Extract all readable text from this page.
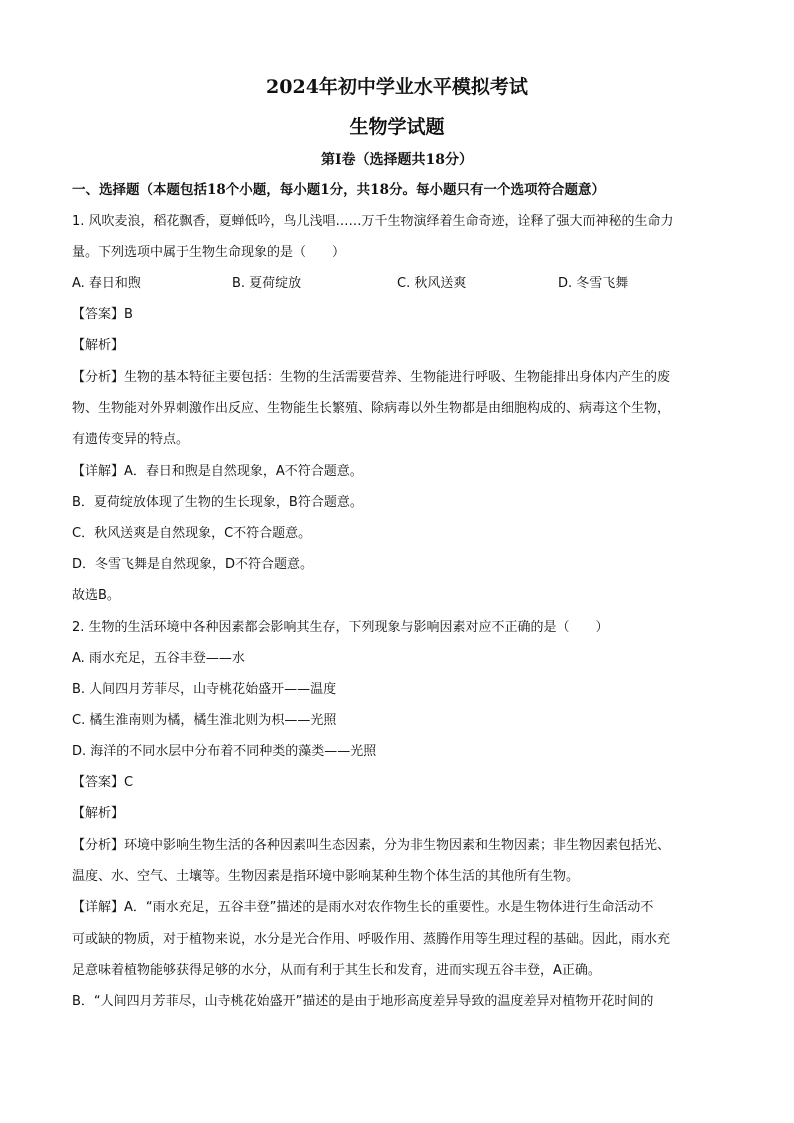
2024年初中学业水平模拟考试
生物学试题
第Ⅰ卷（选择题共18分）
一、选择题（本题包括18个小题，每小题1分，共18分。每小题只有一个选项符合题意）
1. 风吹麦浪，稻花飘香，夏蝉低吟，鸟儿浅唱……万千生物演绎着生命奇迹，诠释了强大而神秘的生命力
量。下列选项中属于生物生命现象的是（　　）
A. 春日和煦	B. 夏荷绽放	C. 秋风送爽	D. 冬雪飞舞
【答案】B
【解析】
【分析】生物的基本特征主要包括：生物的生活需要营养、生物能进行呼吸、生物能排出身体内产生的废
物、生物能对外界刺激作出反应、生物能生长繁殖、除病毒以外生物都是由细胞构成的、病毒这个生物，
有遗传变异的特点。
【详解】A．春日和煦是自然现象，A不符合题意。
B．夏荷绽放体现了生物的生长现象，B符合题意。
C．秋风送爽是自然现象，C不符合题意。
D．冬雪飞舞是自然现象，D不符合题意。
故选B。
2. 生物的生活环境中各种因素都会影响其生存，下列现象与影响因素对应不正确的是（　　）
A. 雨水充足，五谷丰登——水
B. 人间四月芳菲尽，山寺桃花始盛开——温度
C. 橘生淮南则为橘，橘生淮北则为枳——光照
D. 海洋的不同水层中分布着不同种类的藻类——光照
【答案】C
【解析】
【分析】环境中影响生物生活的各种因素叫生态因素，分为非生物因素和生物因素；非生物因素包括光、
温度、水、空气、土壤等。生物因素是指环境中影响某种生物个体生活的其他所有生物。
【详解】A．“雨水充足，五谷丰登”描述的是雨水对农作物生长的重要性。水是生物体进行生命活动不
可或缺的物质，对于植物来说，水分是光合作用、呼吸作用、蒸腾作用等生理过程的基础。因此，雨水充
足意味着植物能够获得足够的水分，从而有利于其生长和发育，进而实现五谷丰登，A正确。
B．“人间四月芳菲尽，山寺桃花始盛开”描述的是由于地形高度差异导致的温度差异对植物开花时间的
